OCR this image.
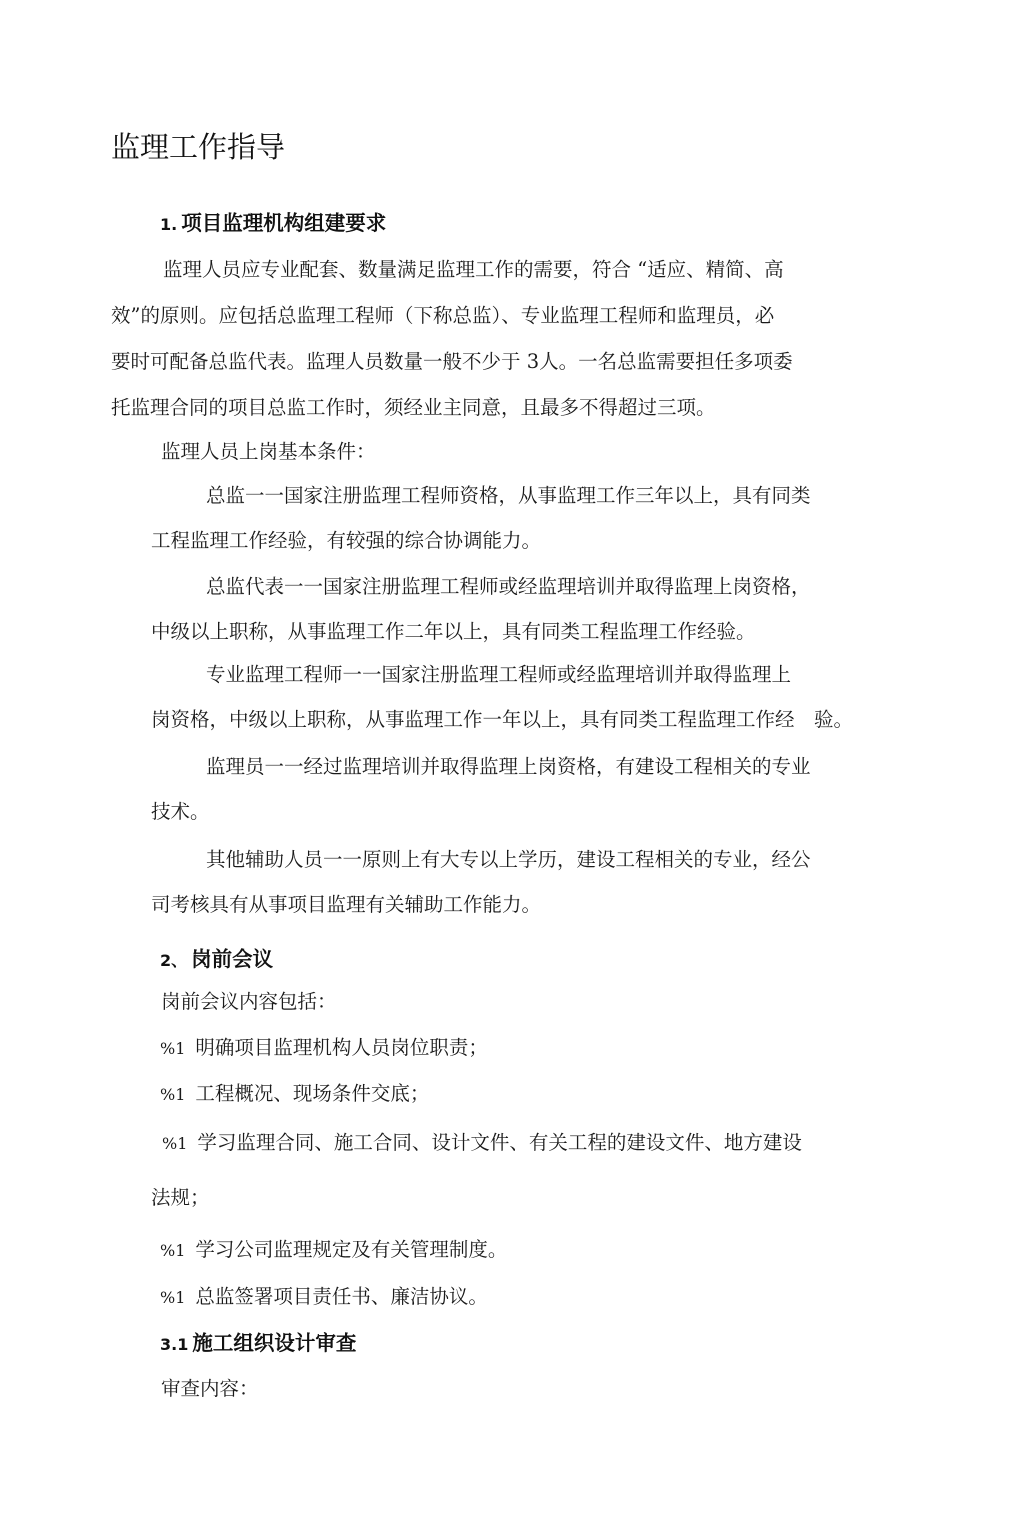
监理工作指导
1. 项目监理机构组建要求
监理人员应专业配套、数量满足监理工作的需要，符合 “适应、精简、高
效”的原则。应包括总监理工程师（下称总监）、专业监理工程师和监理员，必
要时可配备总监代表。监理人员数量一般不少于 3人。一名总监需要担任多项委
托监理合同的项目总监工作时，须经业主同意，且最多不得超过三项。
监理人员上岗基本条件：
总监一一国家注册监理工程师资格，从事监理工作三年以上，具有同类
工程监理工作经验，有较强的综合协调能力。
总监代表一一国家注册监理工程师或经监理培训并取得监理上岗资格，
中级以上职称，从事监理工作二年以上，具有同类工程监理工作经验。
专业监理工程师一一国家注册监理工程师或经监理培训并取得监理上
岗资格，中级以上职称，从事监理工作一年以上，具有同类工程监理工作经　验。
监理员一一经过监理培训并取得监理上岗资格，有建设工程相关的专业
技术。
其他辅助人员一一原则上有大专以上学历，建设工程相关的专业，经公
司考核具有从事项目监理有关辅助工作能力。
2、 岗前会议
岗前会议内容包括：
%1 明确项目监理机构人员岗位职责；
%1 工程概况、现场条件交底；
%1 学习监理合同、施工合同、设计文件、有关工程的建设文件、地方建设
法规；
%1 学习公司监理规定及有关管理制度。
%1 总监签署项目责任书、廉洁协议。
3.1 施工组织设计审查
审查内容：
